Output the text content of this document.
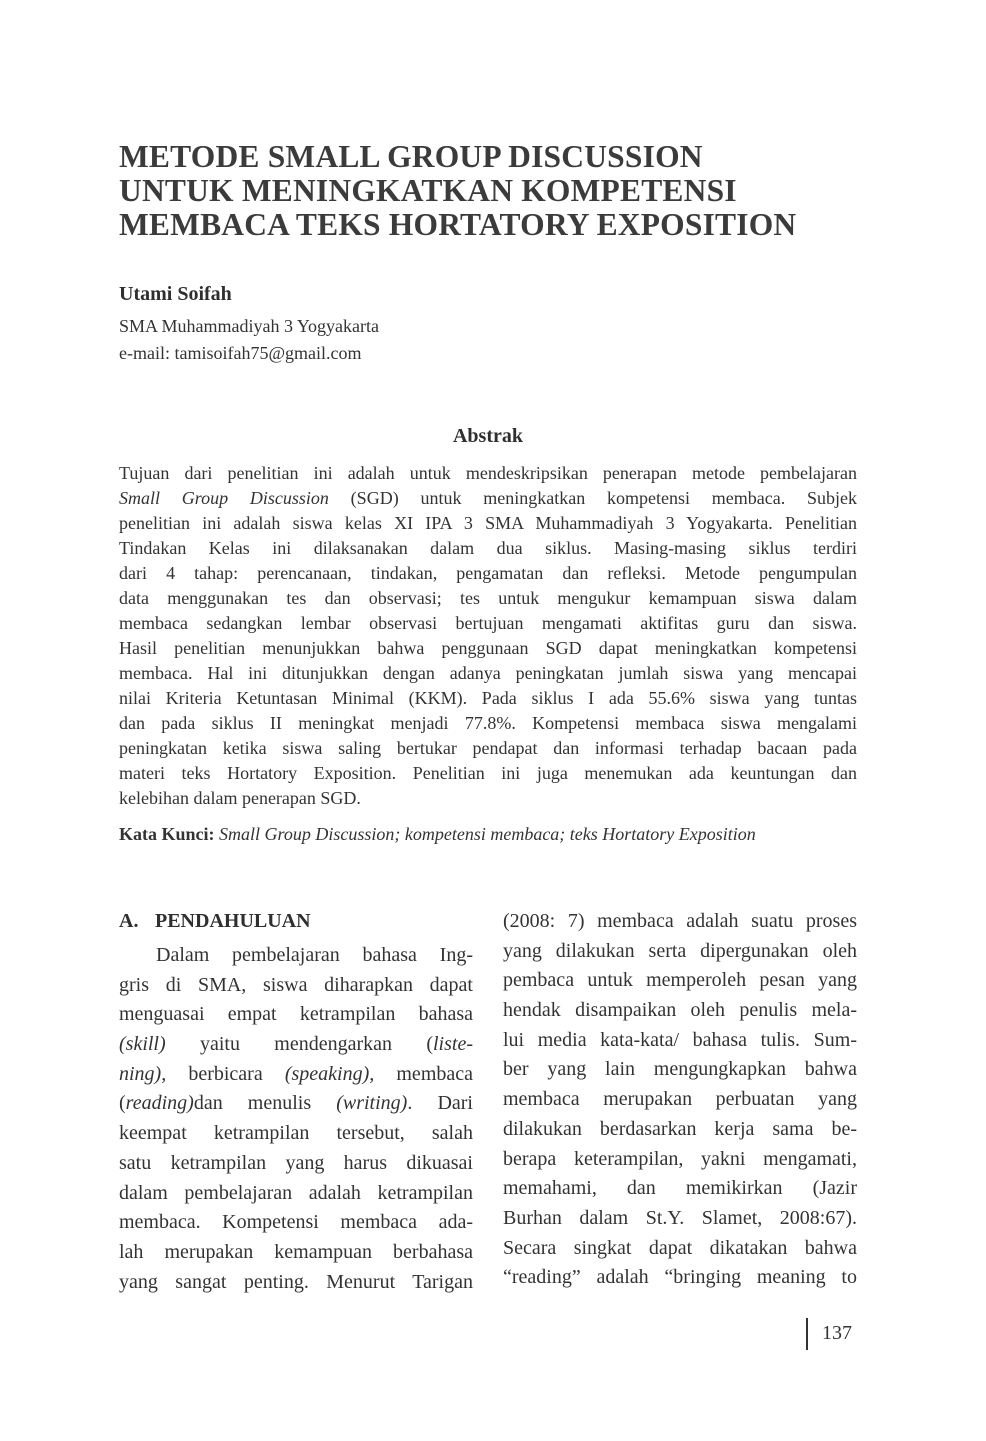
METODE SMALL GROUP DISCUSSION
UNTUK MENINGKATKAN KOMPETENSI
MEMBACA TEKS HORTATORY EXPOSITION
Utami Soifah
SMA Muhammadiyah 3 Yogyakarta
e-mail: tamisoifah75@gmail.com
Abstrak
Tujuan dari penelitian ini adalah untuk mendeskripsikan penerapan metode pembelajaran
Small Group Discussion (SGD) untuk meningkatkan kompetensi membaca. Subjek
penelitian ini adalah siswa kelas XI IPA 3 SMA Muhammadiyah 3 Yogyakarta. Penelitian
Tindakan Kelas ini dilaksanakan dalam dua siklus. Masing-masing siklus terdiri
dari 4 tahap: perencanaan, tindakan, pengamatan dan refleksi. Metode pengumpulan
data menggunakan tes dan observasi; tes untuk mengukur kemampuan siswa dalam
membaca sedangkan lembar observasi bertujuan mengamati aktifitas guru dan siswa.
Hasil penelitian menunjukkan bahwa penggunaan SGD dapat meningkatkan kompetensi
membaca. Hal ini ditunjukkan dengan adanya peningkatan jumlah siswa yang mencapai
nilai Kriteria Ketuntasan Minimal (KKM). Pada siklus I ada 55.6% siswa yang tuntas
dan pada siklus II meningkat menjadi 77.8%. Kompetensi membaca siswa mengalami
peningkatan ketika siswa saling bertukar pendapat dan informasi terhadap bacaan pada
materi teks Hortatory Exposition. Penelitian ini juga menemukan ada keuntungan dan
kelebihan dalam penerapan SGD.
Kata Kunci: Small Group Discussion; kompetensi membaca; teks Hortatory Exposition
A. PENDAHULUAN
Dalam pembelajaran bahasa Ing-
gris di SMA, siswa diharapkan dapat
menguasai empat ketrampilan bahasa
(skill) yaitu mendengarkan (liste-
ning), berbicara (speaking), membaca
(reading)dan menulis (writing). Dari
keempat ketrampilan tersebut, salah
satu ketrampilan yang harus dikuasai
dalam pembelajaran adalah ketrampilan
membaca. Kompetensi membaca ada-
lah merupakan kemampuan berbahasa
yang sangat penting. Menurut Tarigan
(2008: 7) membaca adalah suatu proses
yang dilakukan serta dipergunakan oleh
pembaca untuk memperoleh pesan yang
hendak disampaikan oleh penulis mela-
lui media kata-kata/ bahasa tulis. Sum-
ber yang lain mengungkapkan bahwa
membaca merupakan perbuatan yang
dilakukan berdasarkan kerja sama be-
berapa keterampilan, yakni mengamati,
memahami, dan memikirkan (Jazir
Burhan dalam St.Y. Slamet, 2008:67).
Secara singkat dapat dikatakan bahwa
“reading” adalah “bringing meaning to
137
